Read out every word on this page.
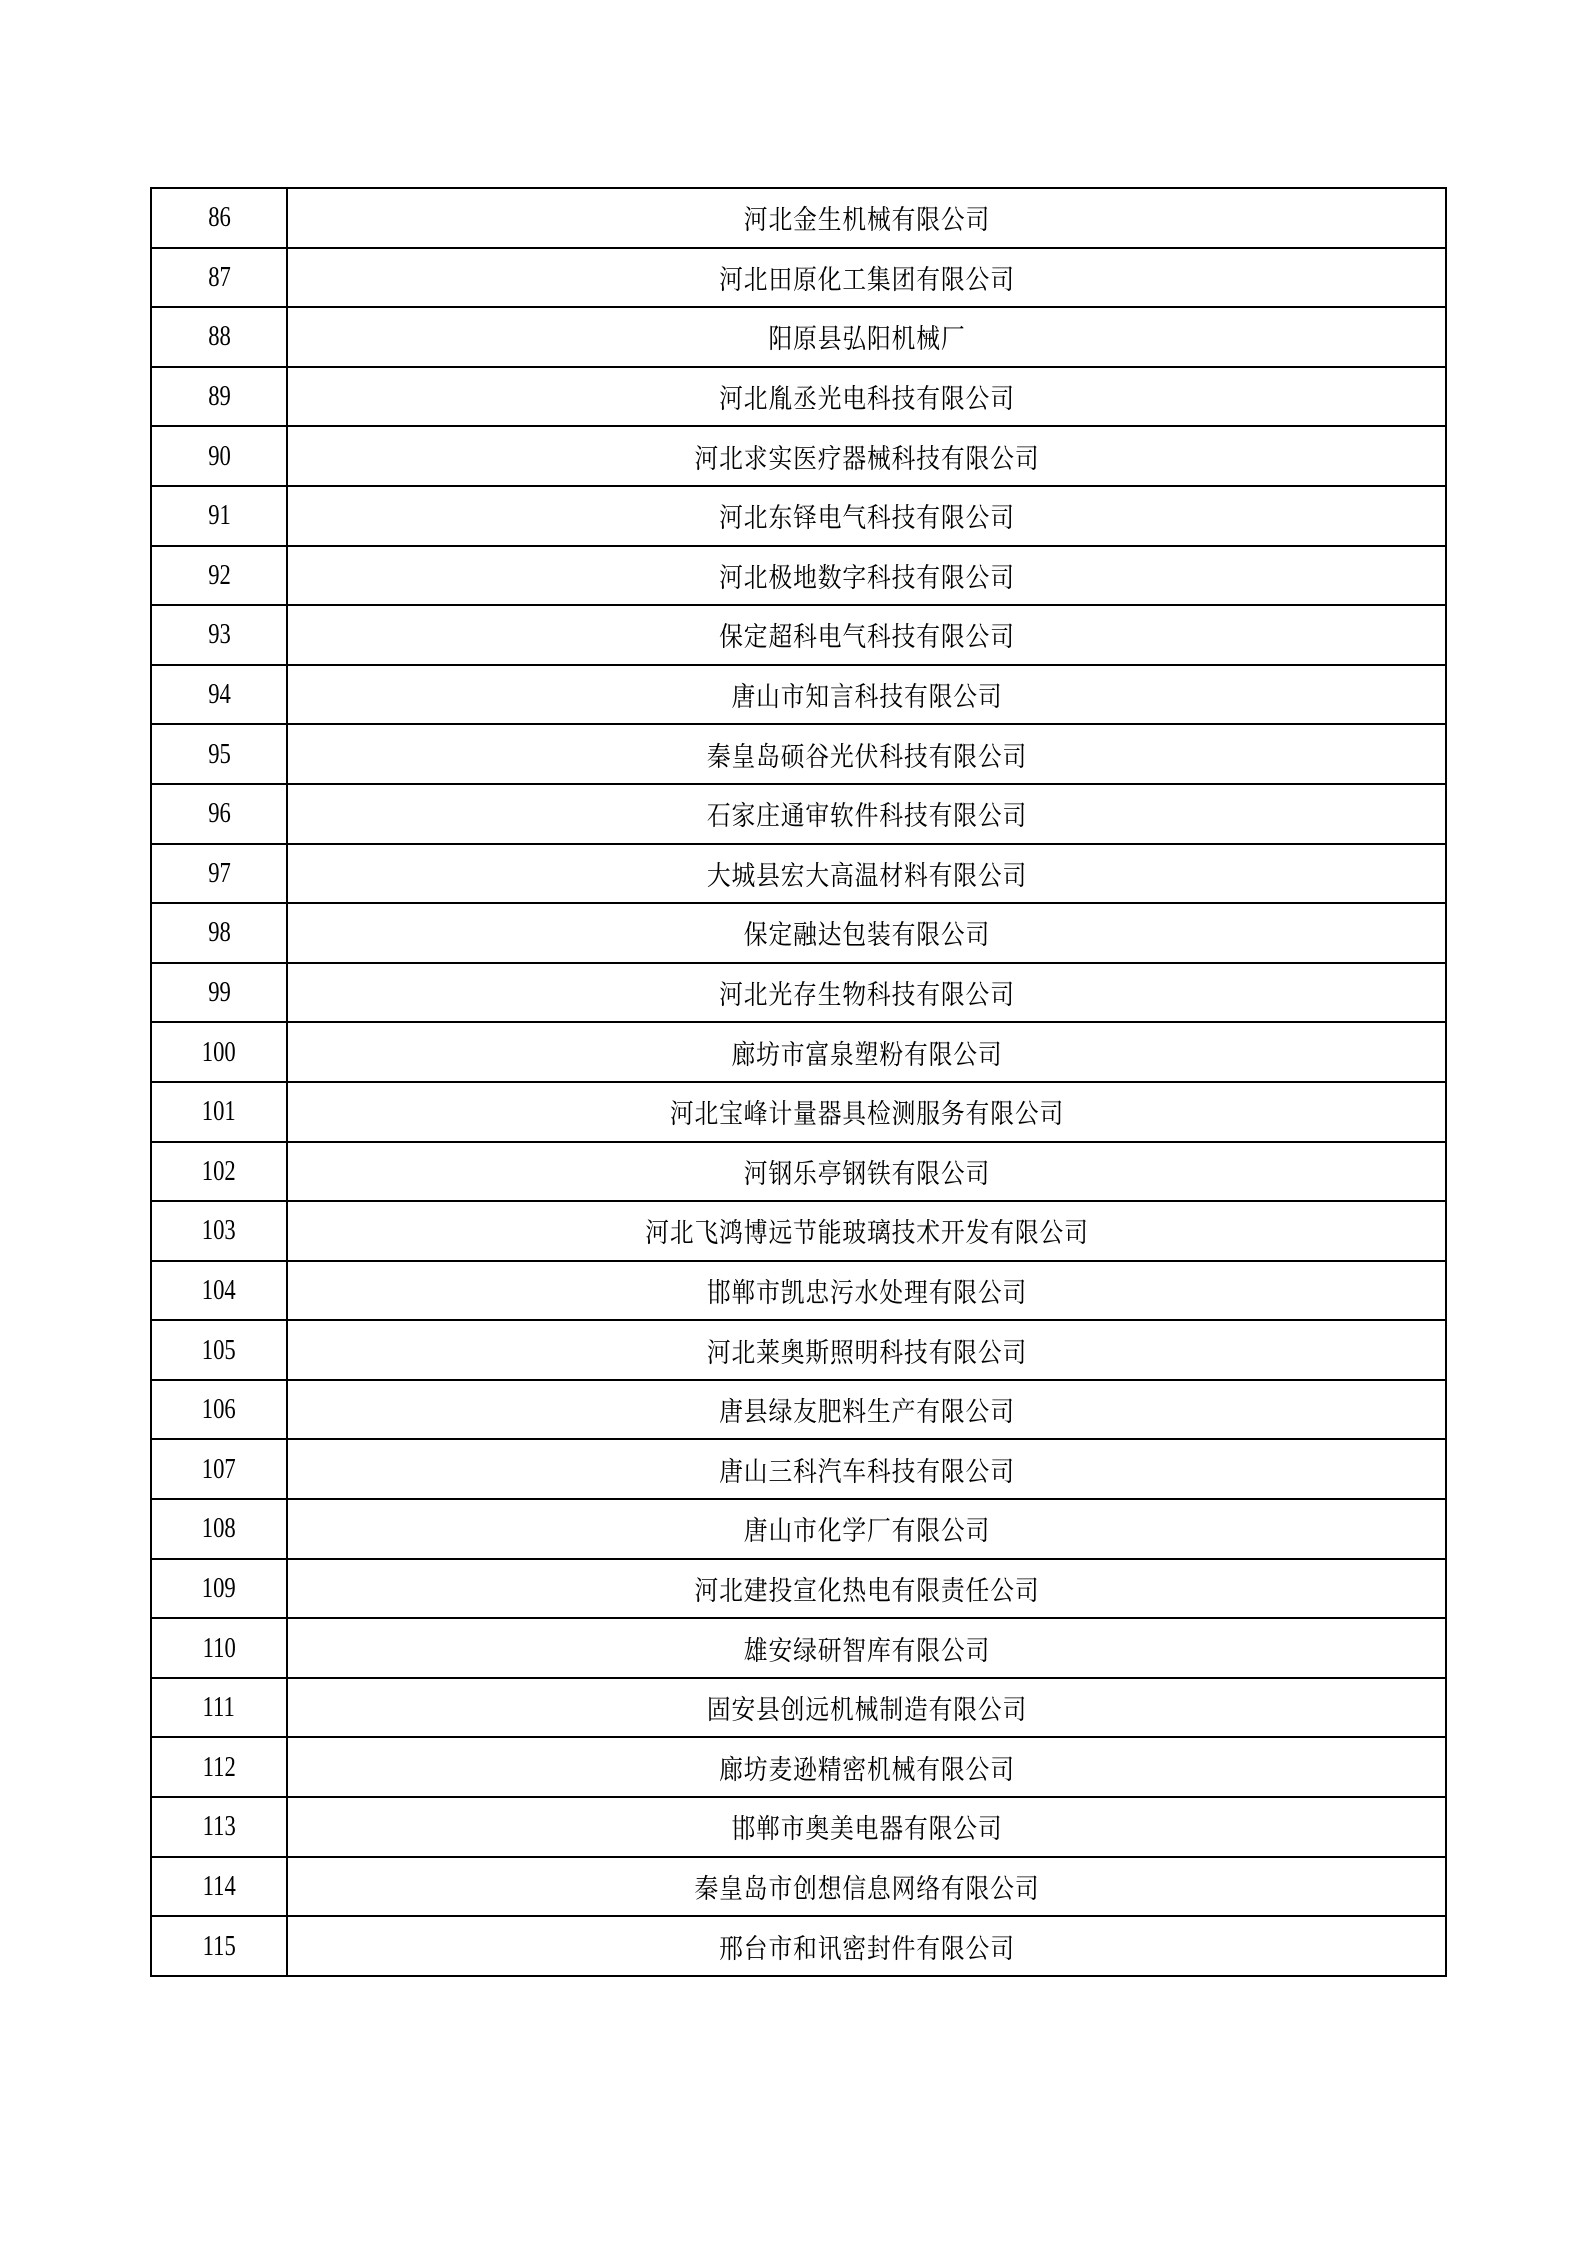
86	河北金生机械有限公司
87	河北田原化工集团有限公司
88	阳原县弘阳机械厂
89	河北胤丞光电科技有限公司
90	河北求实医疗器械科技有限公司
91	河北东铎电气科技有限公司
92	河北极地数字科技有限公司
93	保定超科电气科技有限公司
94	唐山市知言科技有限公司
95	秦皇岛硕谷光伏科技有限公司
96	石家庄通审软件科技有限公司
97	大城县宏大高温材料有限公司
98	保定融达包装有限公司
99	河北光存生物科技有限公司
100	廊坊市富泉塑粉有限公司
101	河北宝峰计量器具检测服务有限公司
102	河钢乐亭钢铁有限公司
103	河北飞鸿博远节能玻璃技术开发有限公司
104	邯郸市凯忠污水处理有限公司
105	河北莱奥斯照明科技有限公司
106	唐县绿友肥料生产有限公司
107	唐山三科汽车科技有限公司
108	唐山市化学厂有限公司
109	河北建投宣化热电有限责任公司
110	雄安绿研智库有限公司
111	固安县创远机械制造有限公司
112	廊坊麦逊精密机械有限公司
113	邯郸市奥美电器有限公司
114	秦皇岛市创想信息网络有限公司
115	邢台市和讯密封件有限公司
